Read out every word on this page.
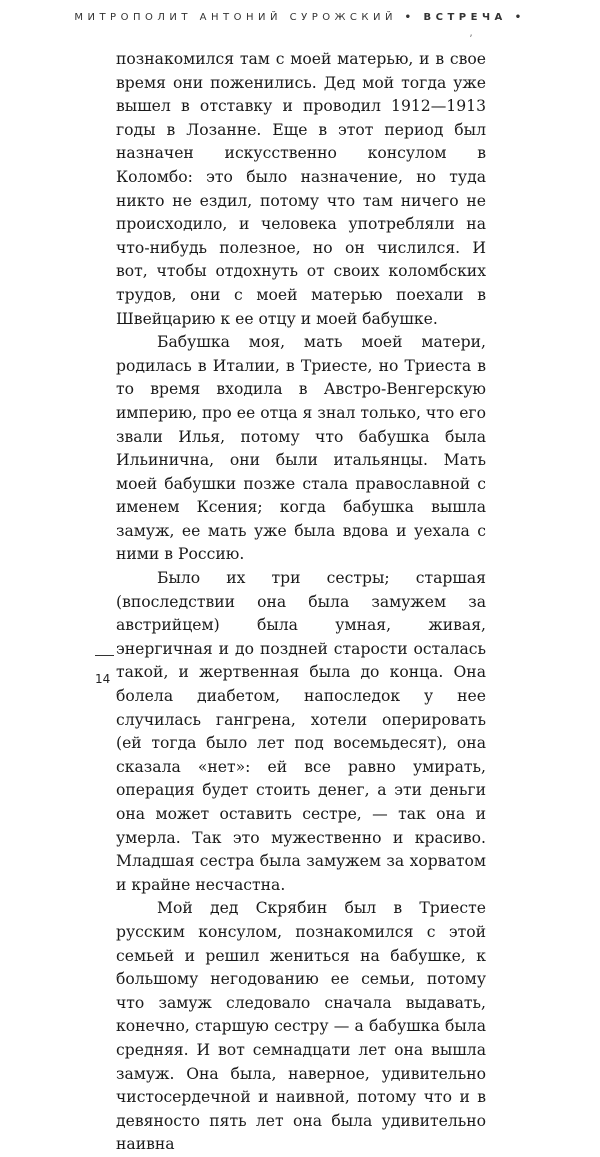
МИТРОПОЛИТ АНТОНИЙ СУРОЖСКИЙ • ВСТРЕЧА •
ʼ

познакомился там с моей матерью, и в свое время они поженились. Дед мой тогда уже вышел в отставку и проводил 1912—1913 годы в Лозанне. Еще в этот период был назначен искусственно консулом в Коломбо: это было назначение, но туда никто не ездил, потому что там ничего не происходило, и человека употребляли на что-нибудь полезное, но он числился. И вот, чтобы отдохнуть от своих коломбских трудов, они с моей матерью поехали в Швейцарию к ее отцу и моей бабушке.

Бабушка моя, мать моей матери, родилась в Италии, в Триесте, но Триеста в то время входила в Австро-Венгерскую империю, про ее отца я знал только, что его звали Илья, потому что бабушка была Ильинична, они были итальянцы. Мать моей бабушки позже стала православной с именем Ксения; когда бабушка вышла замуж, ее мать уже была вдова и уехала с ними в Россию.

Было их три сестры; старшая (впоследствии она была замужем за австрийцем) была умная, живая, энергичная и до поздней старости осталась такой, и жертвенная была до конца. Она болела диабетом, напоследок у нее случилась гангрена, хотели оперировать (ей тогда было лет под восемьдесят), она сказала «нет»: ей все равно умирать, операция будет стоить денег, а эти деньги она может оставить сестре, — так она и умерла. Так это мужественно и красиво. Младшая сестра была замужем за хорватом и крайне несчастна.

Мой дед Скрябин был в Триесте русским консулом, познакомился с этой семьей и решил жениться на бабушке, к большому негодованию ее семьи, потому что замуж следовало сначала выдавать, конечно, старшую сестру — а бабушка была средняя. И вот семнадцати лет она вышла замуж. Она была, наверное, удивительно чистосердечной и наивной, потому что и в девяносто пять лет она была удивительно наивна

14
